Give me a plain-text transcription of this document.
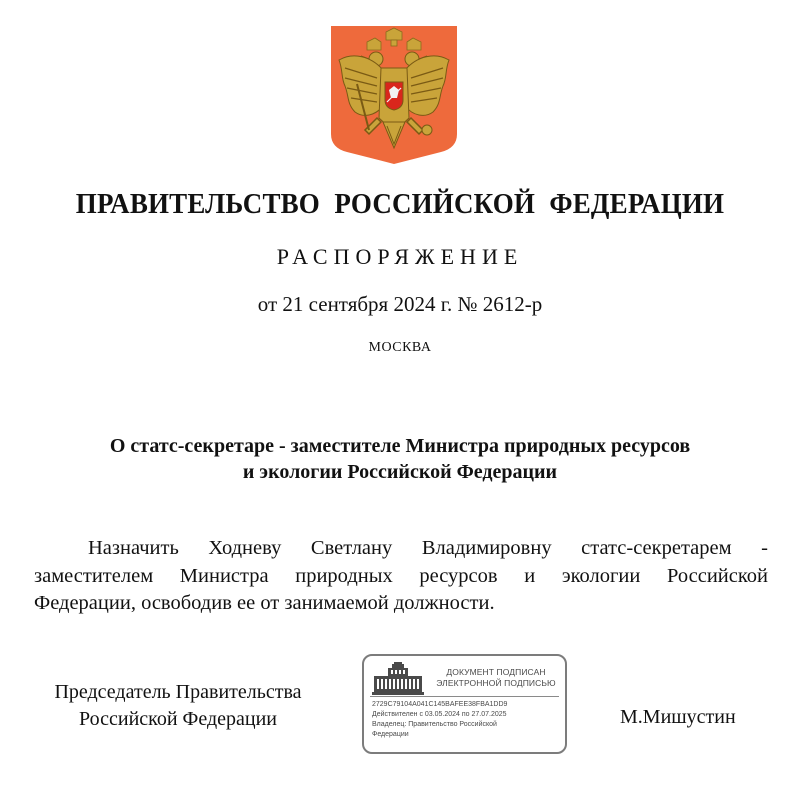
ПРАВИТЕЛЬСТВО РОССИЙСКОЙ ФЕДЕРАЦИИ
РАСПОРЯЖЕНИЕ
от 21 сентября 2024 г. № 2612-р
МОСКВА
О статс-секретаре - заместителе Министра природных ресурсов
и экологии Российской Федерации
Назначить Ходневу Светлану Владимировну статс-секретарем -
заместителем Министра природных ресурсов и экологии Российской
Федерации, освободив ее от занимаемой должности.
Председатель Правительства
Российской Федерации
ДОКУМЕНТ ПОДПИСАН
ЭЛЕКТРОННОЙ ПОДПИСЬЮ
2729C79104A041C145BAFEE38FBA1DD9
Действителен с 03.05.2024 по 27.07.2025
Владелец: Правительство Российской
Федерации
М.Мишустин
